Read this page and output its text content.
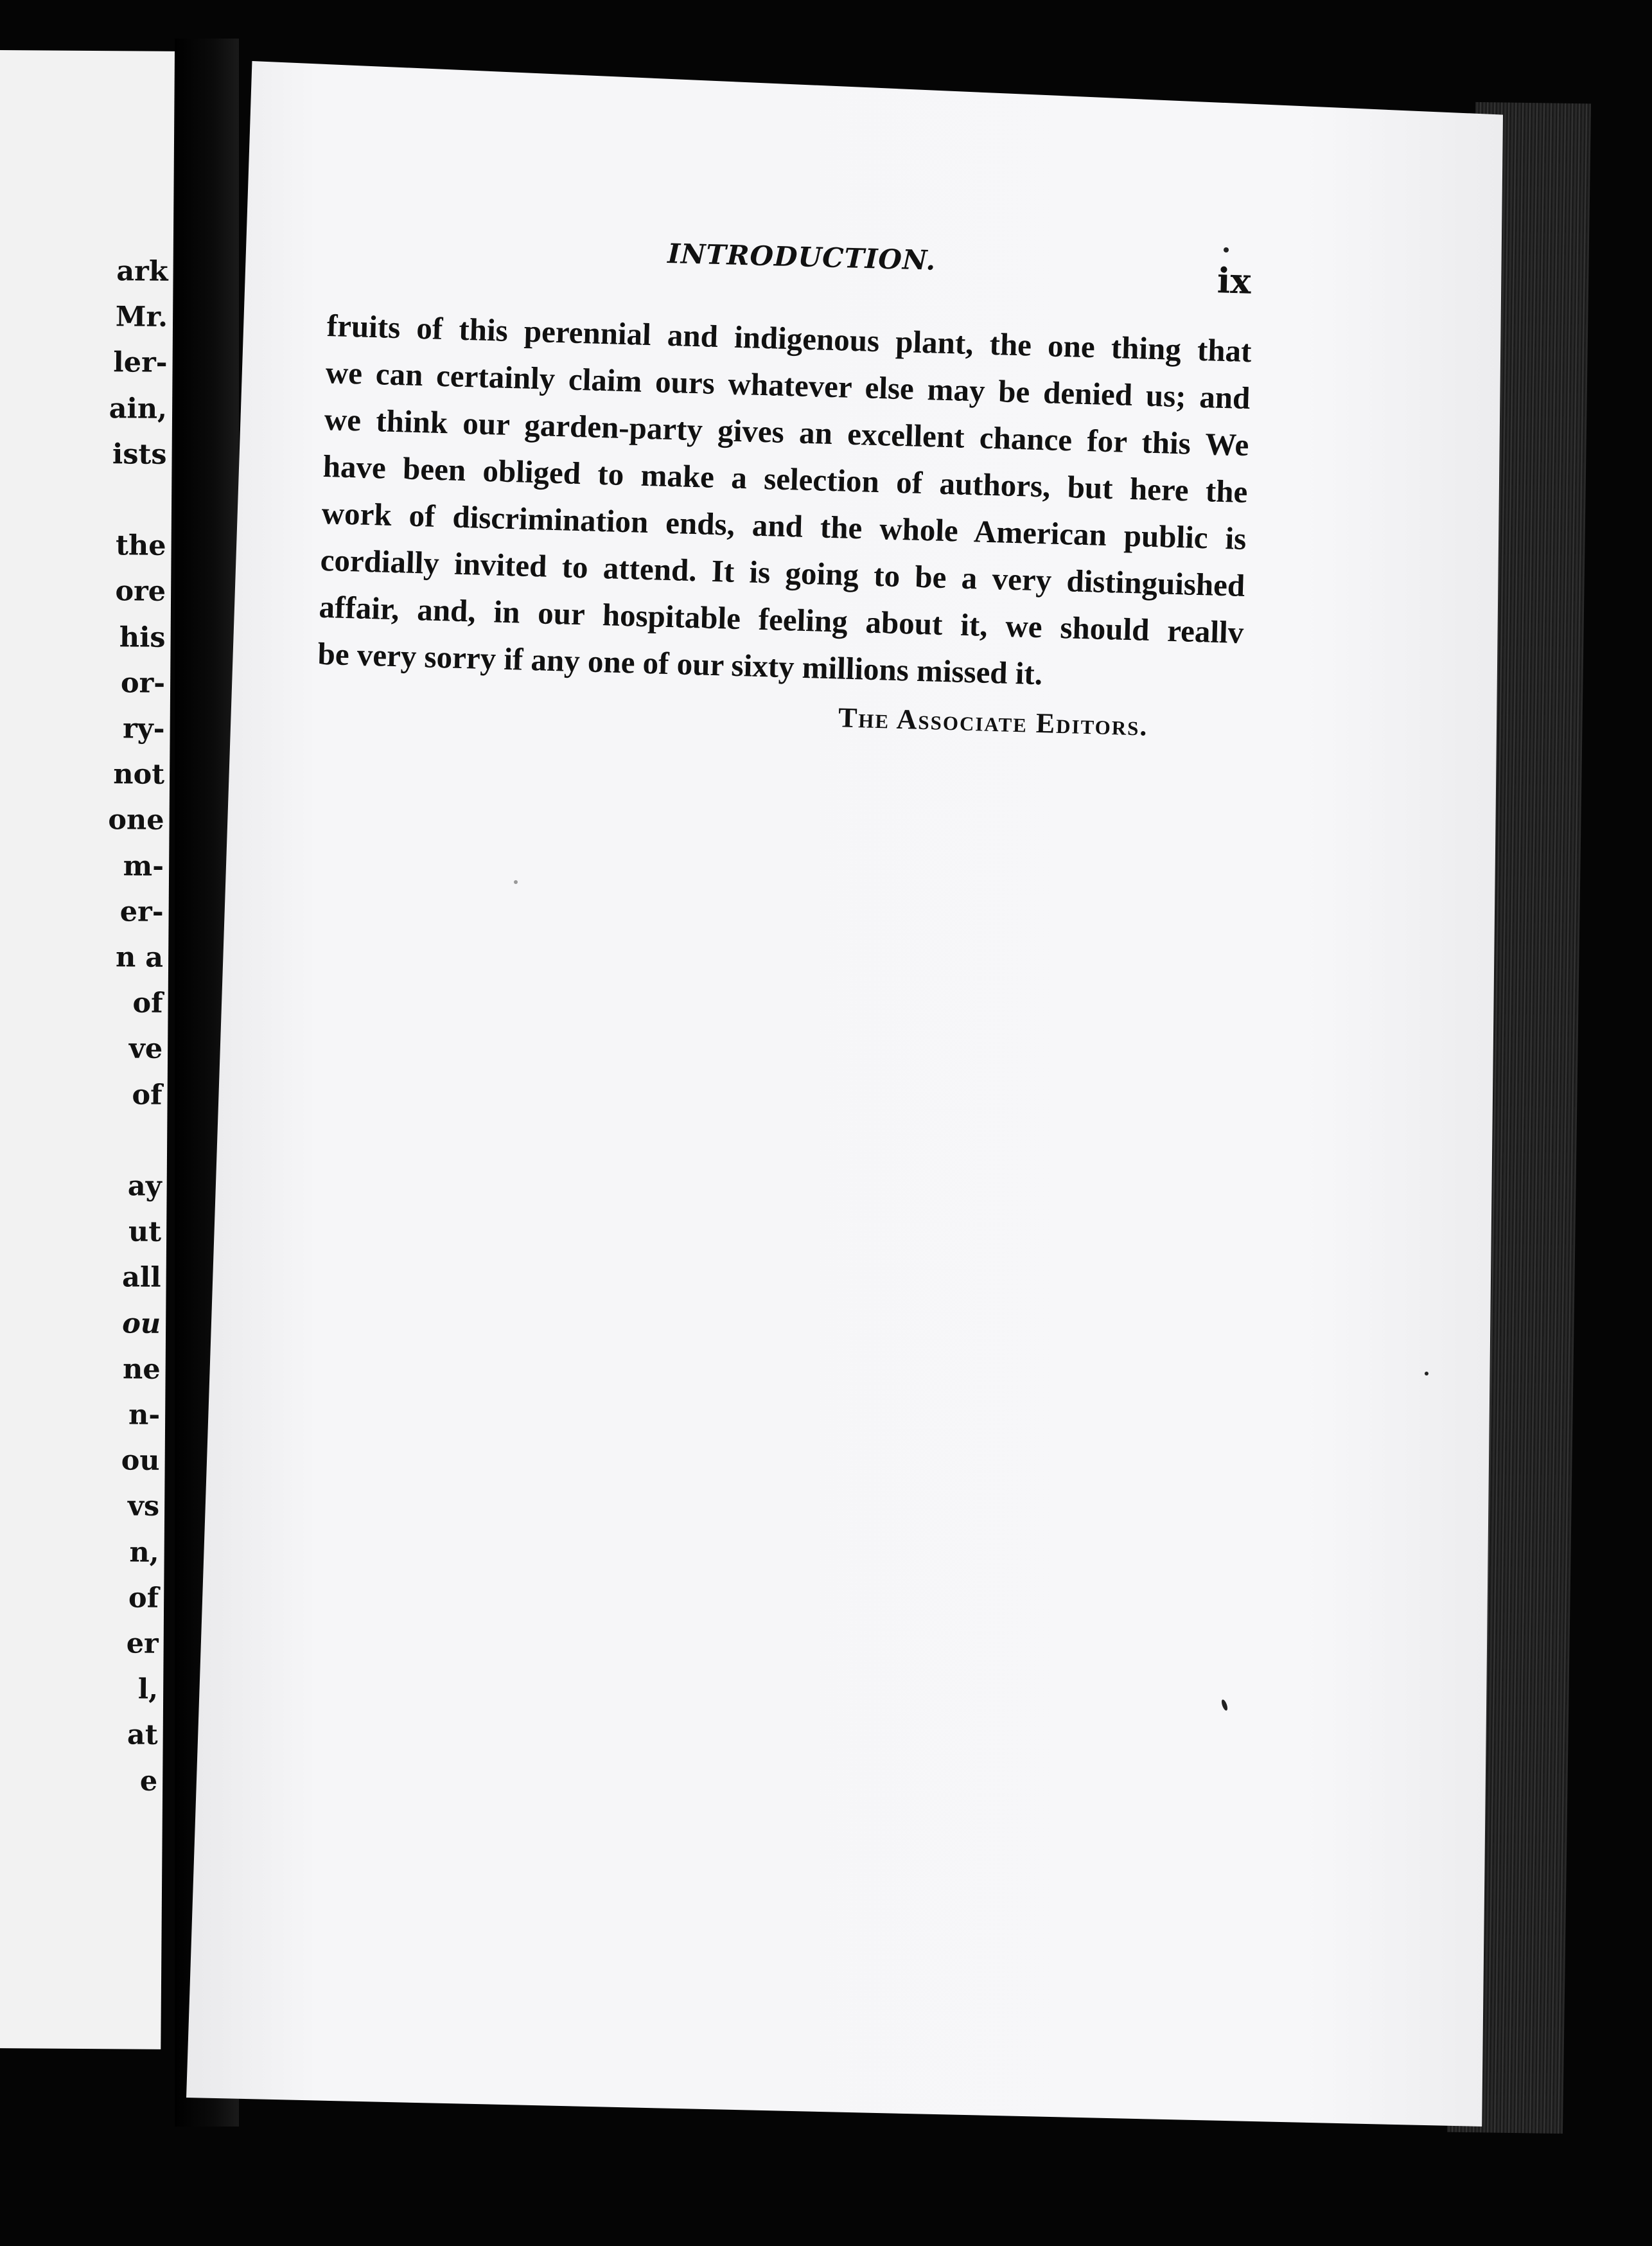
ark
Mr.
ler-
ain,
ists
the
ore
his
or-
ry-
not
one
m-
er-
n a
of
ve
of
ay
ut
all
ou
ne
n-
ou
vs
n,
of
er
l,
at
e
INTRODUCTION.
ix
fruits of this perennial and indigenous plant, the one thing that
we can certainly claim ours whatever else may be denied us; and
we think our garden-party gives an excellent chance for this We
have been obliged to make a selection of authors, but here the
work of discrimination ends, and the whole American public is
cordially invited to attend. It is going to be a very distinguished
affair, and, in our hospitable feeling about it, we should reallv
be very sorry if any one of our sixty millions missed it.
The Associate Editors.
